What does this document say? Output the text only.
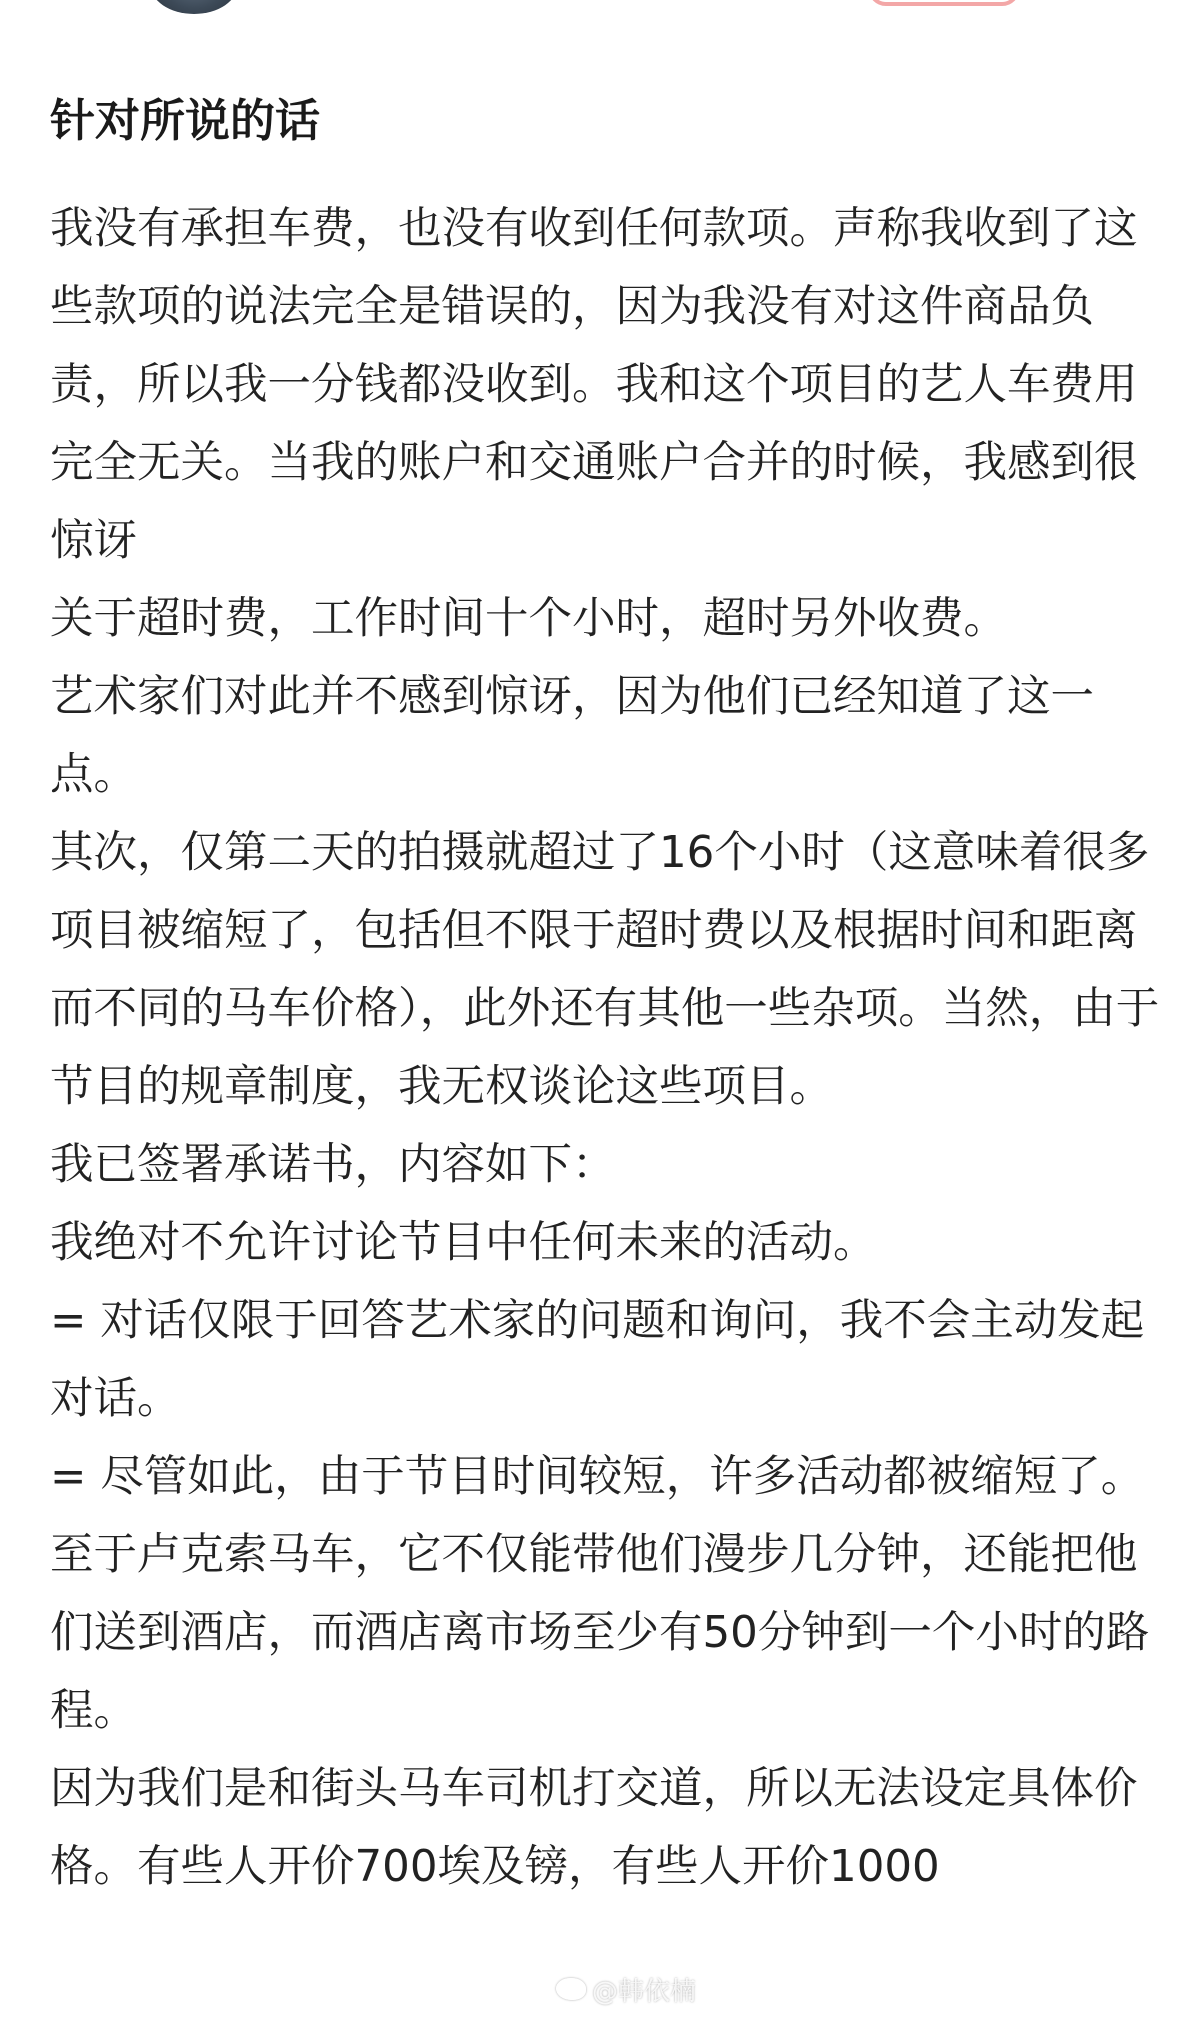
针对所说的话

我没有承担车费，也没有收到任何款项。声称我收到了这些款项的说法完全是错误的，因为我没有对这件商品负责，所以我一分钱都没收到。我和这个项目的艺人车费用完全无关。当我的账户和交通账户合并的时候，我感到很惊讶

关于超时费，工作时间十个小时，超时另外收费。

艺术家们对此并不感到惊讶，因为他们已经知道了这一点。

其次，仅第二天的拍摄就超过了16个小时（这意味着很多项目被缩短了，包括但不限于超时费以及根据时间和距离而不同的马车价格），此外还有其他一些杂项。当然，由于节目的规章制度，我无权谈论这些项目。

我已签署承诺书，内容如下：

我绝对不允许讨论节目中任何未来的活动。

= 对话仅限于回答艺术家的问题和询问，我不会主动发起对话。

= 尽管如此，由于节目时间较短，许多活动都被缩短了。

至于卢克索马车，它不仅能带他们漫步几分钟，还能把他们送到酒店，而酒店离市场至少有50分钟到一个小时的路程。

因为我们是和街头马车司机打交道，所以无法设定具体价格。有些人开价700埃及镑，有些人开价1000

@韩依楠
